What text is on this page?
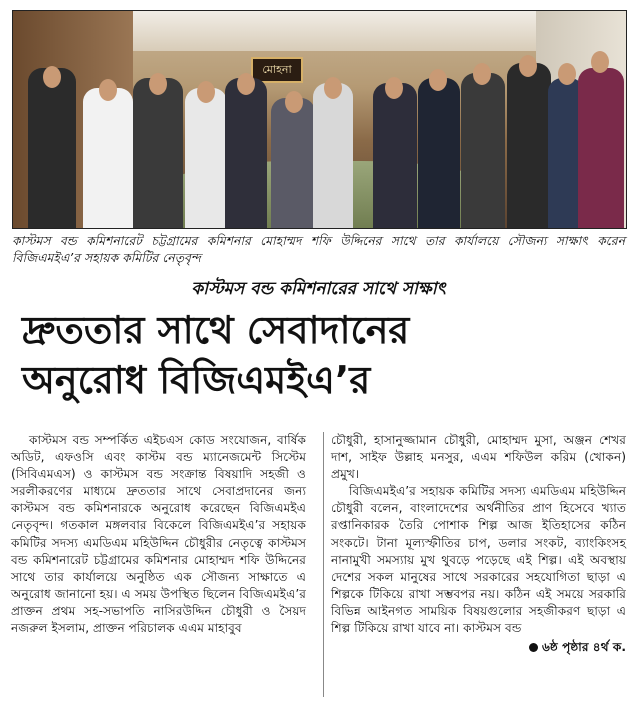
মোহনা
কাস্টমস বন্ড কমিশনারেট চট্টগ্রামের কমিশনার মোহাম্মদ শফি উদ্দিনের সাথে তার কার্যালয়ে সৌজন্য সাক্ষাৎ করেন বিজিএমইএ’র সহায়ক কমিটির নেতৃবৃন্দ
কাস্টমস বন্ড কমিশনারের সাথে সাক্ষাৎ
দ্রুততার সাথে সেবাদানের
অনুরোধ বিজিএমইএ’র

কাস্টমস বন্ড সম্পর্কিত এইচএস কোড সংযোজন, বার্ষিক অডিট, এফওসি এবং কাস্টম বন্ড ম্যানেজমেন্ট সিস্টেম (সিবিএমএস) ও কাস্টমস বন্ড সংক্রান্ত বিষয়াদি সহজী ও সরলীকরণের মাধ্যমে দ্রুততার সাথে সেবাপ্রদানের জন্য কাস্টমস বন্ড কমিশনারকে অনুরোধ করেছেন বিজিএমইএ নেতৃবৃন্দ। গতকাল মঙ্গলবার বিকেলে বিজিএমইএ’র সহায়ক কমিটির সদস্য এমডিএম মহিউদ্দিন চৌধুরীর নেতৃত্বে কাস্টমস বন্ড কমিশনারেট চট্টগ্রামের কমিশনার মোহাম্মদ শফি উদ্দিনের সাথে তার কার্যালয়ে অনুষ্ঠিত এক সৌজন্য সাক্ষাতে এ অনুরোধ জানানো হয়। এ সময় উপস্থিত ছিলেন বিজিএমইএ’র প্রাক্তন প্রথম সহ-সভাপতি নাসিরউদ্দিন চৌধুরী ও সৈয়দ নজরুল ইসলাম, প্রাক্তন পরিচালক এএম মাহাবুব

চৌধুরী, হাসানুজ্জামান চৌধুরী, মোহাম্মদ মুসা, অঞ্জন শেখর দাশ, সাইফ উল্লাহ মনসুর, এএম শফিউল করিম (খোকন) প্রমুখ।

বিজিএমইএ’র সহায়ক কমিটির সদস্য এমডিএম মহিউদ্দিন চৌধুরী বলেন, বাংলাদেশের অর্থনীতির প্রাণ হিসেবে খ্যাত রপ্তানিকারক তৈরি পোশাক শিল্প আজ ইতিহাসের কঠিন সংকটে। টানা মূল্যস্ফীতির চাপ, ডলার সংকট, ব্যাংকিংসহ নানামুখী সমস্যায় মুখ থুবড়ে পড়েছে এই শিল্প। এই অবস্থায় দেশের সকল মানুষের সাথে সরকারের সহযোগিতা ছাড়া এ শিল্পকে টিকিয়ে রাখা সম্ভবপর নয়। কঠিন এই সময়ে সরকারি বিভিন্ন আইনগত সাময়িক বিষয়গুলোর সহজীকরণ ছাড়া এ শিল্প টিকিয়ে রাখা যাবে না। কাস্টমস বন্ড

৬ষ্ঠ পৃষ্ঠার ৪র্থ ক.
